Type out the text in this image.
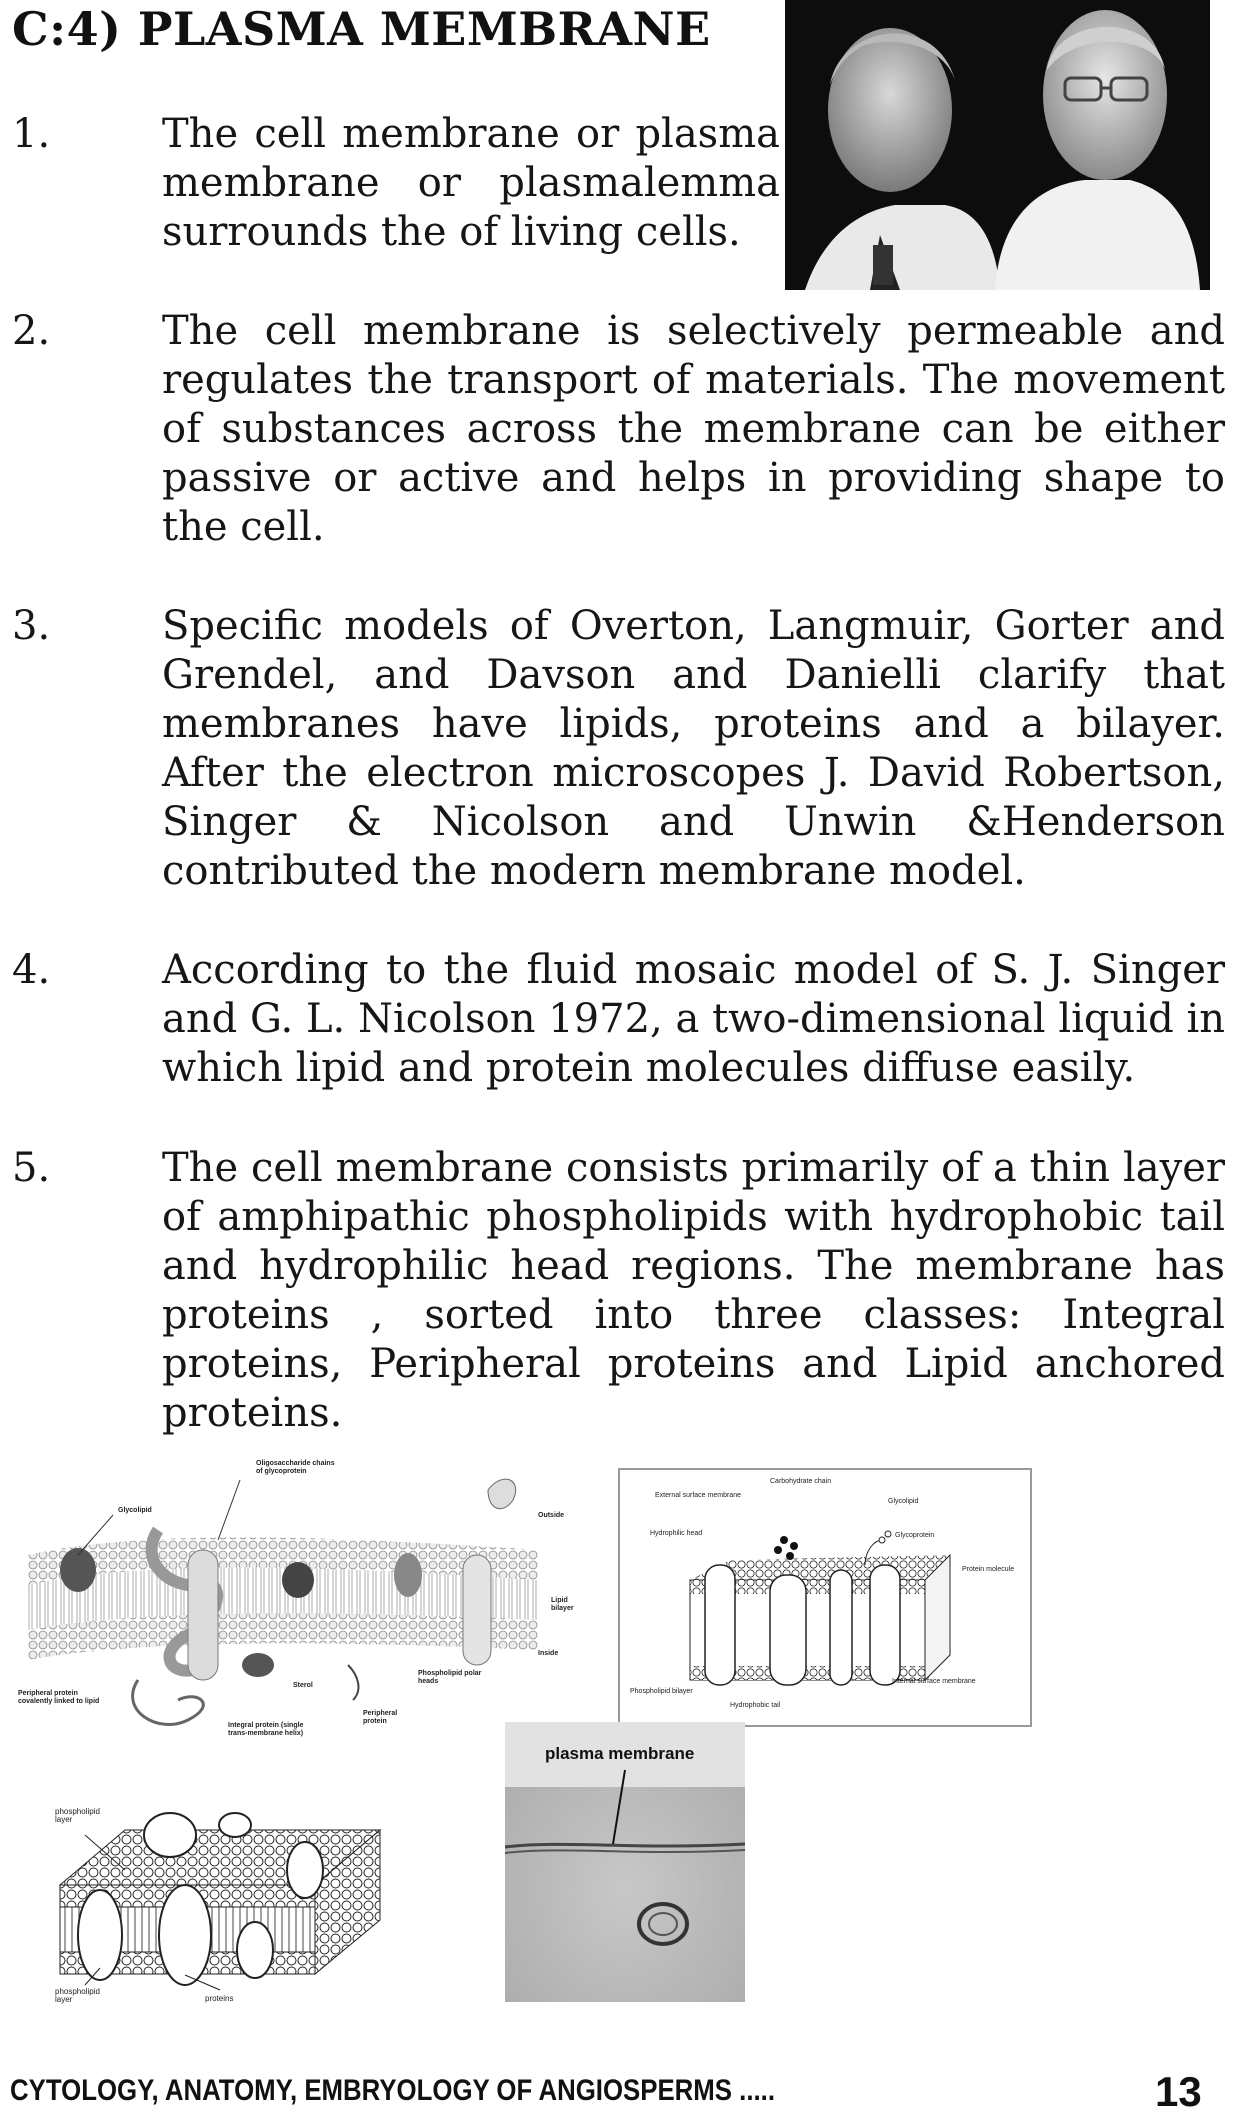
C:4) PLASMA MEMBRANE
1.	The cell membrane or plasma membrane or plasmalemma surrounds the of living cells.
2.	The cell membrane is selectively permeable and regulates the transport of materials. The movement of substances across the membrane can be either passive or active and helps in providing shape to the cell.
3.	Specific models of Overton, Langmuir, Gorter and Grendel, and Davson and Danielli clarify that membranes have lipids, proteins and a bilayer. After the electron microscopes J. David Robertson, Singer & Nicolson and Unwin &Henderson contributed the modern membrane model.
4.	According to the fluid mosaic model of S. J. Singer and G. L. Nicolson 1972, a two-dimensional liquid in which lipid and protein molecules diffuse easily.
5.	The cell membrane consists primarily of a thin layer of amphipathic phospholipids with hydrophobic tail and hydrophilic head regions. The membrane has proteins , sorted into three classes: Integral proteins, Peripheral proteins and Lipid anchored proteins.
Glycolipid
Oligosaccharide chains of glycoprotein
Outside
Lipid bilayer
Inside
Sterol
Phospholipid polar heads
Peripheral protein covalently linked to lipid
Integral protein (single trans-membrane helix)
Peripheral protein
Carbohydrate chain
External surface membrane
Glycolipid
Hydrophilic head	Glycoprotein
Protein molecule
Internal surface membrane
Phospholipid bilayer
Hydrophobic tail
phospholipid layer
phospholipid layer	proteins
plasma membrane
CYTOLOGY, ANATOMY, EMBRYOLOGY OF ANGIOSPERMS .....	13
